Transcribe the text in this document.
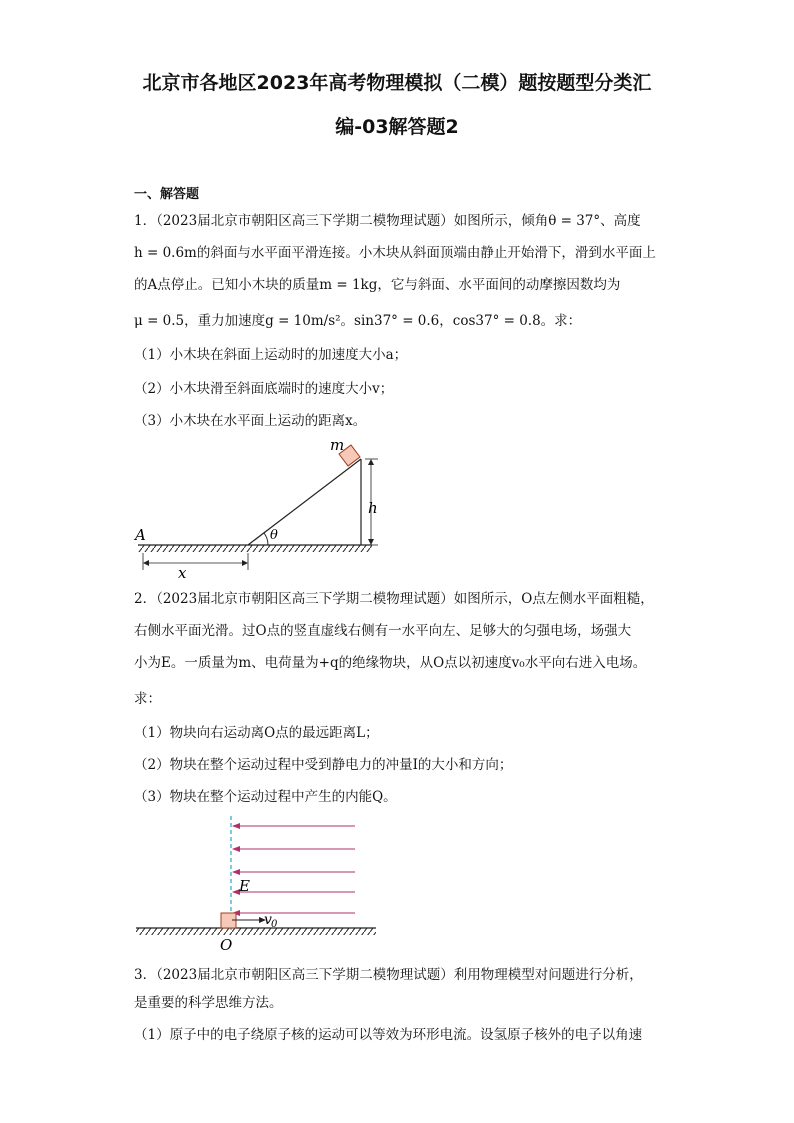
北京市各地区2023年高考物理模拟（二模）题按题型分类汇
编-03解答题2
一、解答题
1．（2023届北京市朝阳区高三下学期二模物理试题）如图所示，倾角θ = 37°、高度
h = 0.6m的斜面与水平面平滑连接。小木块从斜面顶端由静止开始滑下，滑到水平面上
的A点停止。已知小木块的质量m = 1kg，它与斜面、水平面间的动摩擦因数均为
μ = 0.5，重力加速度g = 10m/s²。sin37° = 0.6，cos37° = 0.8。求：
（1）小木块在斜面上运动时的加速度大小a；
（2）小木块滑至斜面底端时的速度大小v；
（3）小木块在水平面上运动的距离x。
m
h
θ
A
x
2．（2023届北京市朝阳区高三下学期二模物理试题）如图所示，O点左侧水平面粗糙，
右侧水平面光滑。过O点的竖直虚线右侧有一水平向左、足够大的匀强电场，场强大
小为E。一质量为m、电荷量为+q的绝缘物块，从O点以初速度v₀水平向右进入电场。
求：
（1）物块向右运动离O点的最远距离L；
（2）物块在整个运动过程中受到静电力的冲量I的大小和方向；
（3）物块在整个运动过程中产生的内能Q。
E
v 0
O
3．（2023届北京市朝阳区高三下学期二模物理试题）利用物理模型对问题进行分析，
是重要的科学思维方法。
（1）原子中的电子绕原子核的运动可以等效为环形电流。设氢原子核外的电子以角速
